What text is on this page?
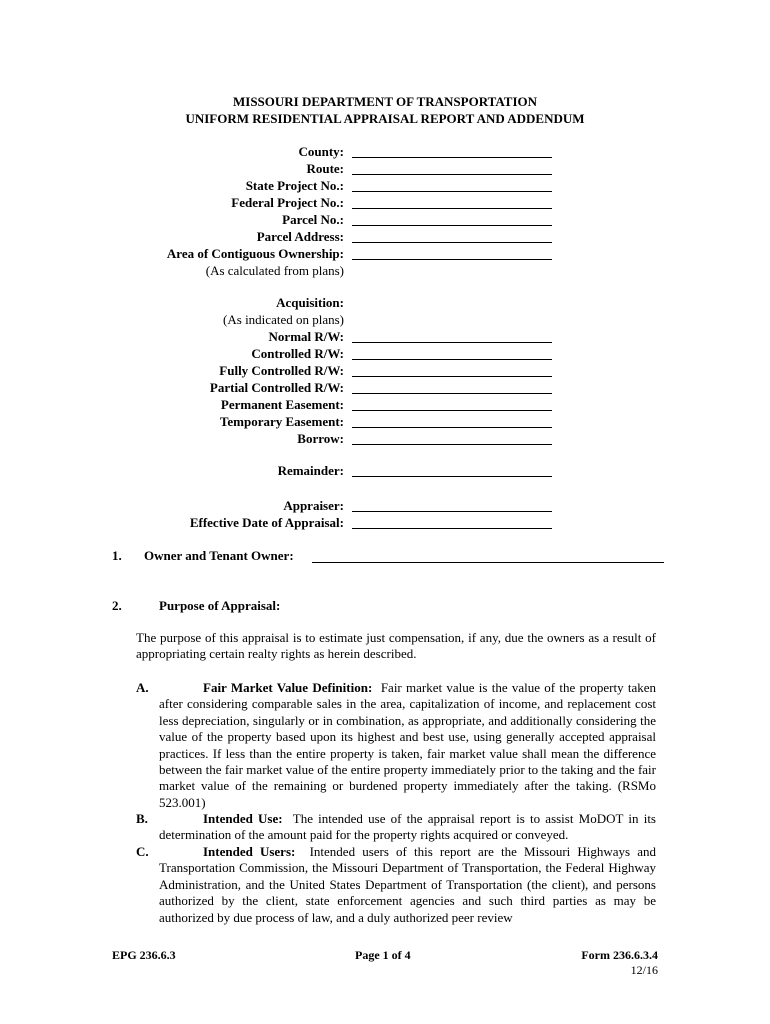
MISSOURI DEPARTMENT OF TRANSPORTATION
UNIFORM RESIDENTIAL APPRAISAL REPORT AND ADDENDUM
County:
Route:
State Project No.:
Federal Project No.:
Parcel No.:
Parcel Address:
Area of Contiguous Ownership:
(As calculated from plans)
Acquisition:
(As indicated on plans)
Normal R/W:
Controlled R/W:
Fully Controlled R/W:
Partial Controlled R/W:
Permanent Easement:
Temporary Easement:
Borrow:
Remainder:
Appraiser:
Effective Date of Appraisal:
1. Owner and Tenant Owner:
2.	Purpose of Appraisal:
The purpose of this appraisal is to estimate just compensation, if any, due the owners as a result of appropriating certain realty rights as herein described.
A.	Fair Market Value Definition: Fair market value is the value of the property taken after considering comparable sales in the area, capitalization of income, and replacement cost less depreciation, singularly or in combination, as appropriate, and additionally considering the value of the property based upon its highest and best use, using generally accepted appraisal practices. If less than the entire property is taken, fair market value shall mean the difference between the fair market value of the entire property immediately prior to the taking and the fair market value of the remaining or burdened property immediately after the taking. (RSMo 523.001)
B.	Intended Use: The intended use of the appraisal report is to assist MoDOT in its determination of the amount paid for the property rights acquired or conveyed.
C.	Intended Users: Intended users of this report are the Missouri Highways and Transportation Commission, the Missouri Department of Transportation, the Federal Highway Administration, and the United States Department of Transportation (the client), and persons authorized by the client, state enforcement agencies and such third parties as may be authorized by due process of law, and a duly authorized peer review
EPG 236.6.3	Page 1 of 4	Form 236.6.3.4
12/16
